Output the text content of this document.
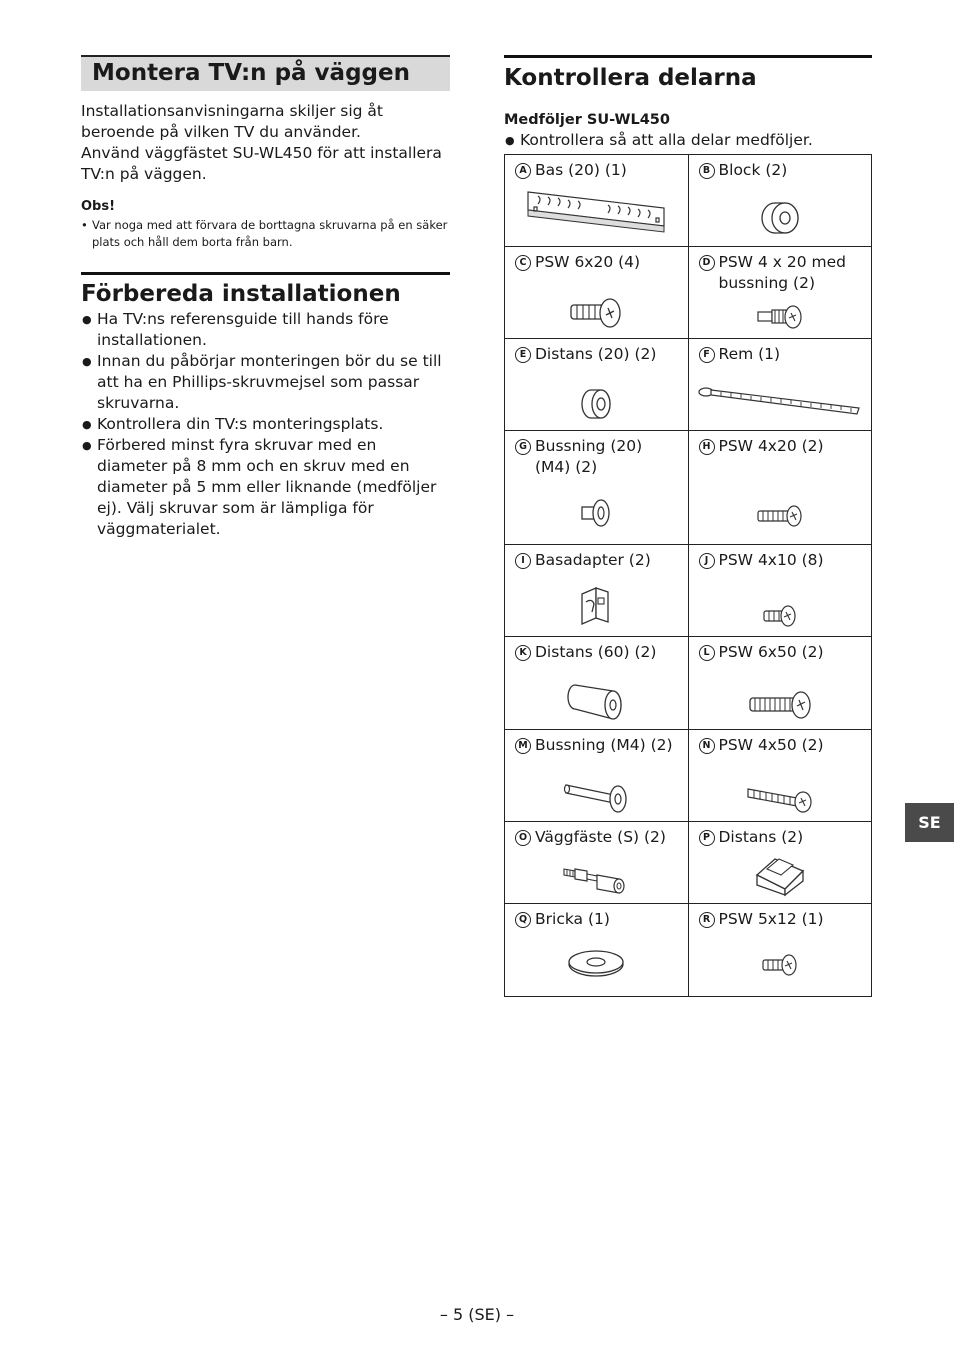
Montera TV:n på väggen

Installationsanvisningarna skiljer sig åt beroende på vilken TV du använder.

Använd väggfästet SU-WL450 för att installera TV:n på väggen.

Obs!

• Var noga med att förvara de borttagna skruvarna på en säker plats och håll dem borta från barn.

Förbereda installationen
● Ha TV:ns referensguide till hands före installationen.
● Innan du påbörjar monteringen bör du se till att ha en Phillips-skruvmejsel som passar skruvarna.
● Kontrollera din TV:s monteringsplats.
● Förbered minst fyra skruvar med en diameter på 8 mm och en skruv med en diameter på 5 mm eller liknande (medföljer ej). Välj skruvar som är lämpliga för väggmaterialet.
Kontrollera delarna
Medföljer SU-WL450
● Kontrollera så att alla delar medföljer.
A Bas (20) (1)	B Block (2)

C PSW 6x20 (4)	D PSW 4 x 20 med bussning (2)

E Distans (20) (2)	F Rem (1)

G Bussning (20) (M4) (2)	H PSW 4x20 (2)

I Basadapter (2)	J PSW 4x10 (8)

K Distans (60) (2)	L PSW 6x50 (2)

M Bussning (M4) (2)	N PSW 4x50 (2)

O Väggfäste (S) (2)	P Distans (2)

Q Bricka (1)	R PSW 5x12 (1)
SE
– 5 (SE) –
